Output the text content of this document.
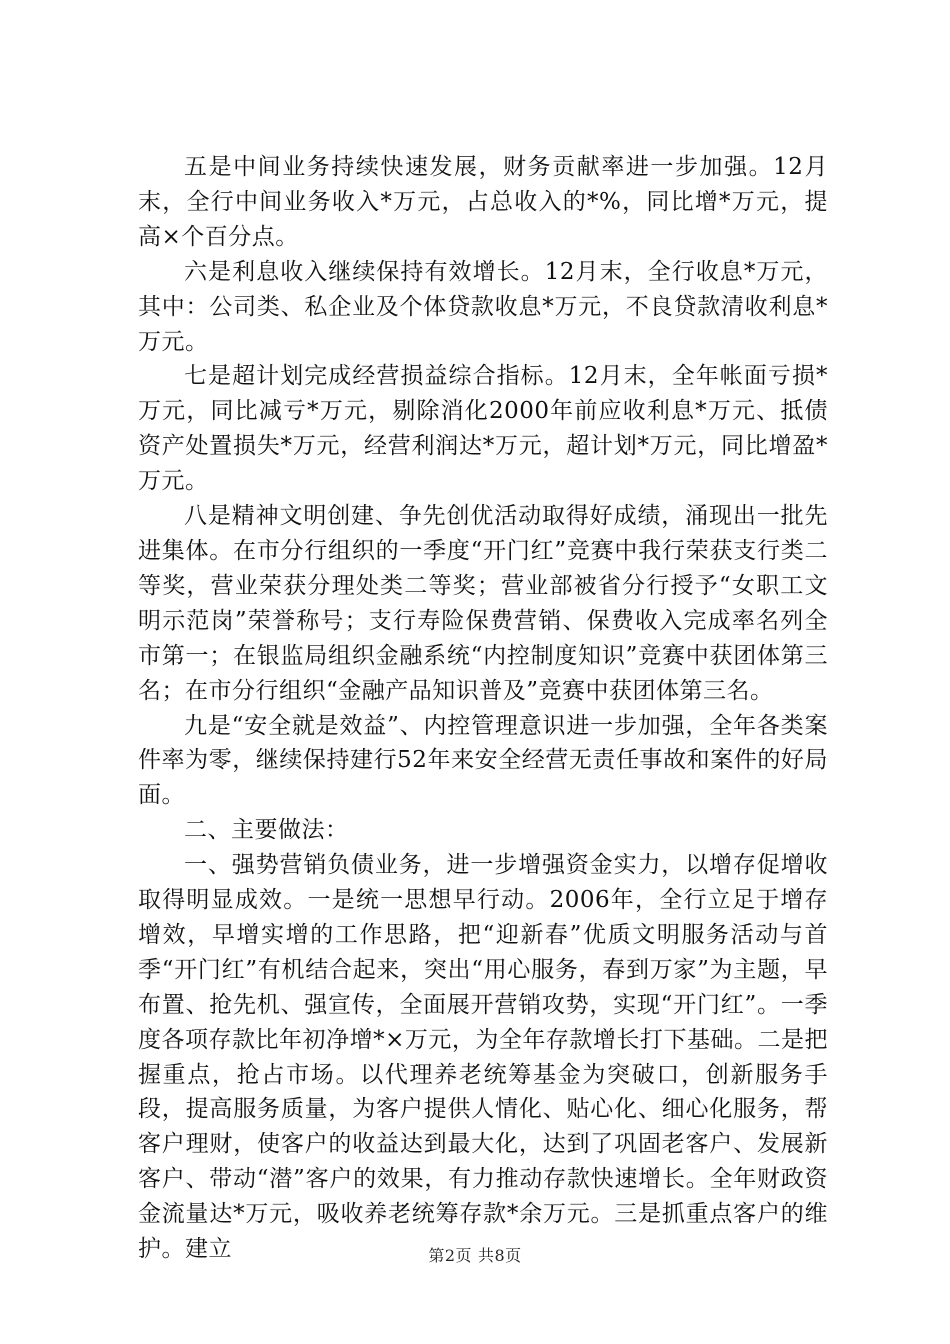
五是中间业务持续快速发展，财务贡献率进一步加强。12月末，全行中间业务收入*万元，占总收入的*%，同比增*万元，提高×个百分点。

六是利息收入继续保持有效增长。12月末，全行收息*万元，其中：公司类、私企业及个体贷款收息*万元，不良贷款清收利息*万元。

七是超计划完成经营损益综合指标。12月末，全年帐面亏损*万元，同比减亏*万元，剔除消化2000年前应收利息*万元、抵债资产处置损失*万元，经营利润达*万元，超计划*万元，同比增盈*万元。

八是精神文明创建、争先创优活动取得好成绩，涌现出一批先进集体。在市分行组织的一季度“开门红”竞赛中我行荣获支行类二等奖，营业荣获分理处类二等奖；营业部被省分行授予“女职工文明示范岗”荣誉称号；支行寿险保费营销、保费收入完成率名列全市第一；在银监局组织金融系统“内控制度知识”竞赛中获团体第三名；在市分行组织“金融产品知识普及”竞赛中获团体第三名。

九是“安全就是效益”、内控管理意识进一步加强，全年各类案件率为零，继续保持建行52年来安全经营无责任事故和案件的好局面。

二、主要做法：

一、强势营销负债业务，进一步增强资金实力，以增存促增收取得明显成效。一是统一思想早行动。2006年，全行立足于增存增效，早增实增的工作思路，把“迎新春”优质文明服务活动与首季“开门红”有机结合起来，突出“用心服务，春到万家”为主题，早布置、抢先机、强宣传，全面展开营销攻势，实现“开门红”。一季度各项存款比年初净增*×万元，为全年存款增长打下基础。二是把握重点，抢占市场。以代理养老统筹基金为突破口，创新服务手段，提高服务质量，为客户提供人情化、贴心化、细心化服务，帮客户理财，使客户的收益达到最大化，达到了巩固老客户、发展新客户、带动“潜”客户的效果，有力推动存款快速增长。全年财政资金流量达*万元，吸收养老统筹存款*余万元。三是抓重点客户的维护。建立	第2页 共8页
